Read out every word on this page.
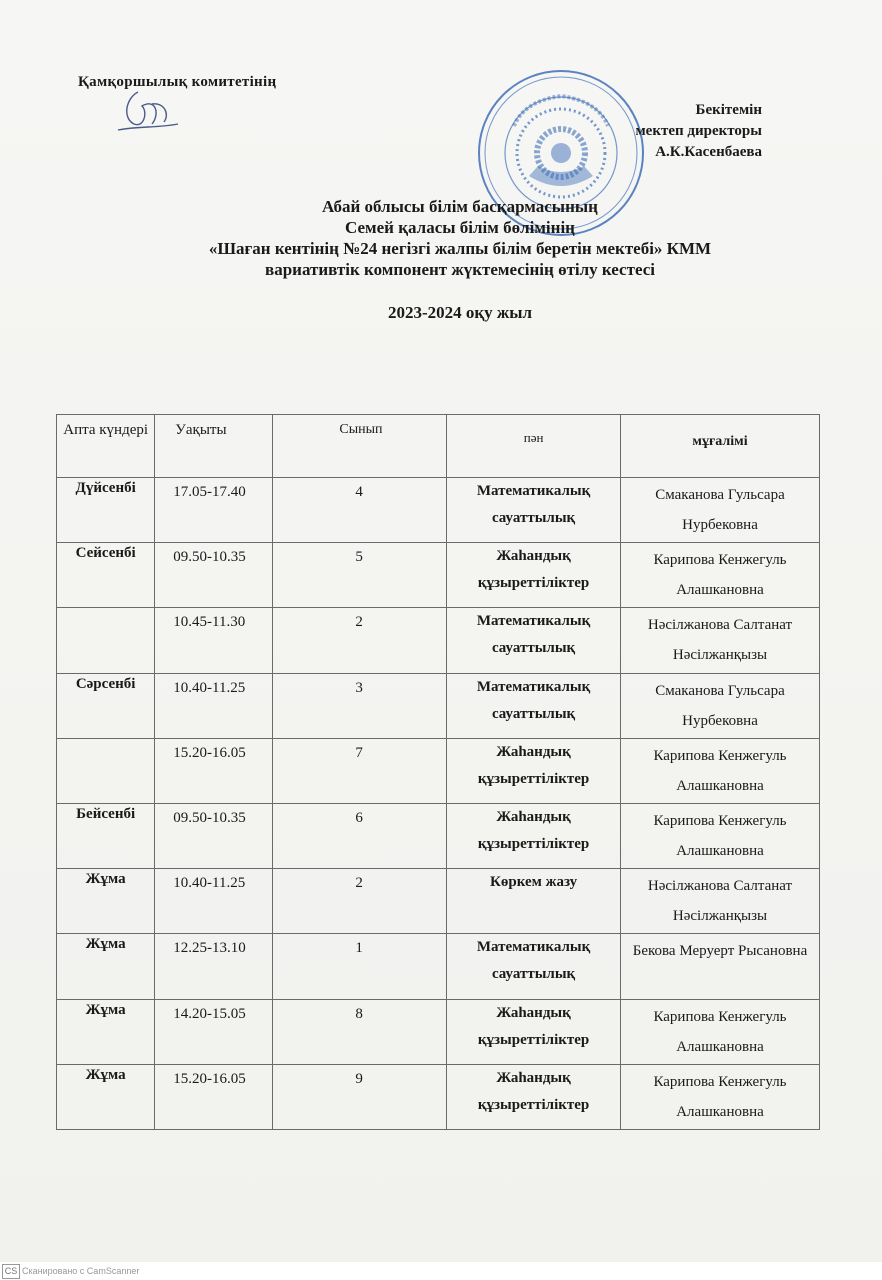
Қамқоршылық комитетінің
Бекітемін
мектеп директоры
А.К.Касенбаева
Абай облысы білім басқармасының
Семей қаласы білім бөлімінің
«Шаған кентінің №24 негізгі жалпы білім беретін мектебі» КММ
вариативтік компонент жүктемесінің өтілу кестесі
2023-2024 оқу жыл
Апта күндері	Уақыты	Сынып	пән	мұғалімі

Дүйсенбі	17.05-17.40	4	Математикалық сауаттылық	Смаканова Гульсара Нурбековна

Сейсенбі	09.50-10.35	5	Жаһандық құзыреттіліктер	Карипова Кенжегуль Алашкановна

	10.45-11.30	2	Математикалық сауаттылық	Нәсілжанова Салтанат Нәсілжанқызы

Сәрсенбі	10.40-11.25	3	Математикалық сауаттылық	Смаканова Гульсара Нурбековна

	15.20-16.05	7	Жаһандық құзыреттіліктер	Карипова Кенжегуль Алашкановна

Бейсенбі	09.50-10.35	6	Жаһандық құзыреттіліктер	Карипова Кенжегуль Алашкановна

Жұма	10.40-11.25	2	Көркем жазу	Нәсілжанова Салтанат Нәсілжанқызы

Жұма	12.25-13.10	1	Математикалық сауаттылық	Бекова Меруерт Рысановна

Жұма	14.20-15.05	8	Жаһандық құзыреттіліктер	Карипова Кенжегуль Алашкановна

Жұма	15.20-16.05	9	Жаһандық құзыреттіліктер	Карипова Кенжегуль Алашкановна
CS Сканировано с CamScanner
